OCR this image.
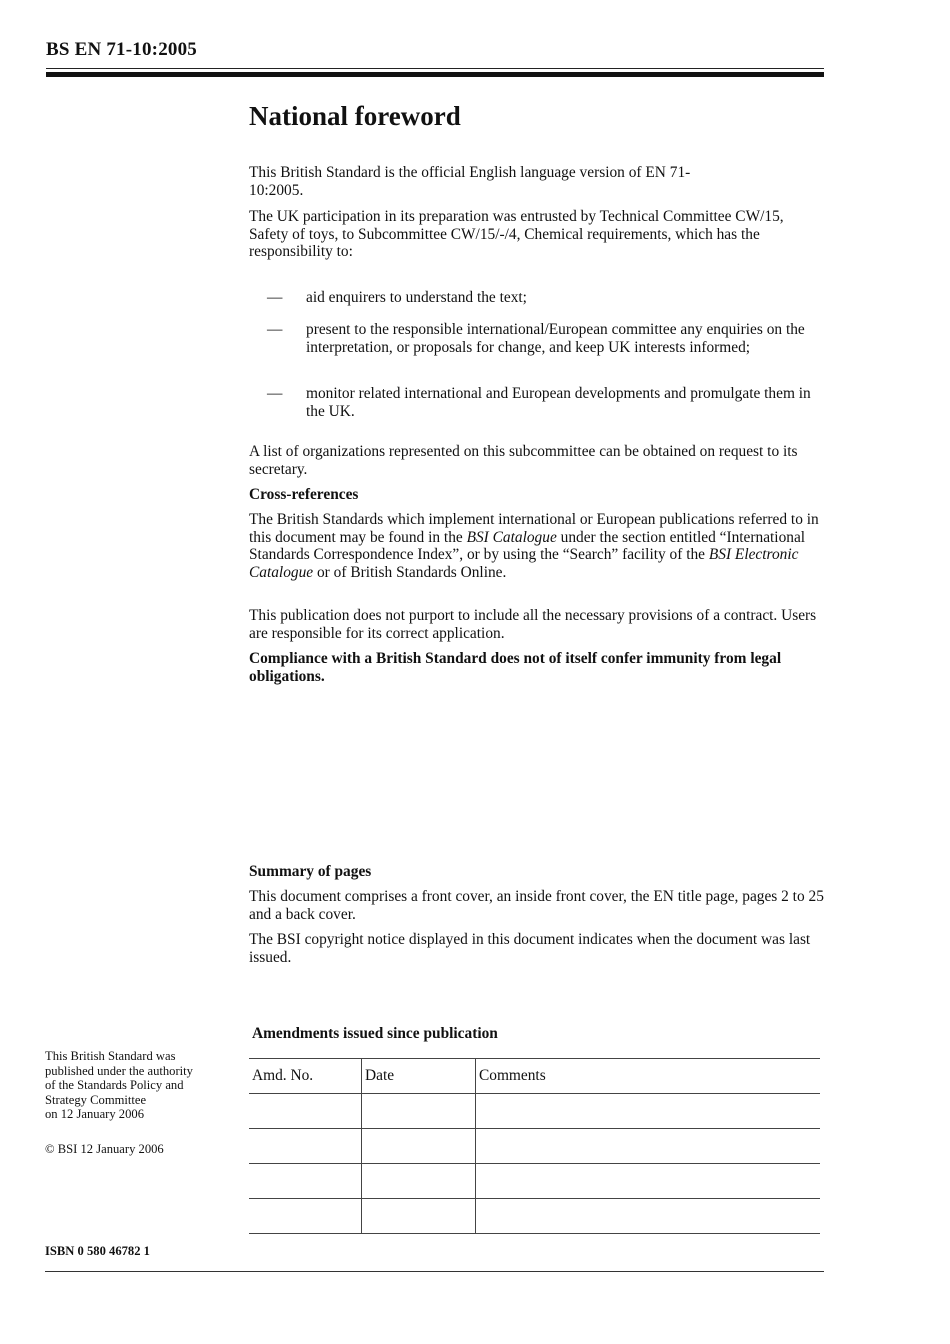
BS EN 71-10:2005
National foreword

This British Standard is the official English language version of EN 71-10:2005.

The UK participation in its preparation was entrusted by Technical Committee CW/15, Safety of toys, to Subcommittee CW/15/-/4, Chemical requirements, which has the responsibility to:

— aid enquirers to understand the text;
— present to the responsible international/European committee any enquiries on the interpretation, or proposals for change, and keep UK interests informed;
— monitor related international and European developments and promulgate them in the UK.

A list of organizations represented on this subcommittee can be obtained on request to its secretary.

Cross-references

The British Standards which implement international or European publications referred to in this document may be found in the BSI Catalogue under the section entitled “International Standards Correspondence Index”, or by using the “Search” facility of the BSI Electronic Catalogue or of British Standards Online.

This publication does not purport to include all the necessary provisions of a contract. Users are responsible for its correct application.

Compliance with a British Standard does not of itself confer immunity from legal obligations.

Summary of pages

This document comprises a front cover, an inside front cover, the EN title page, pages 2 to 25 and a back cover.

The BSI copyright notice displayed in this document indicates when the document was last issued.

Amendments issued since publication
Amd. No.	Date	Comments

This British Standard was
published under the authority
of the Standards Policy and
Strategy Committee
on 12 January 2006
© BSI 12 January 2006
ISBN 0 580 46782 1
